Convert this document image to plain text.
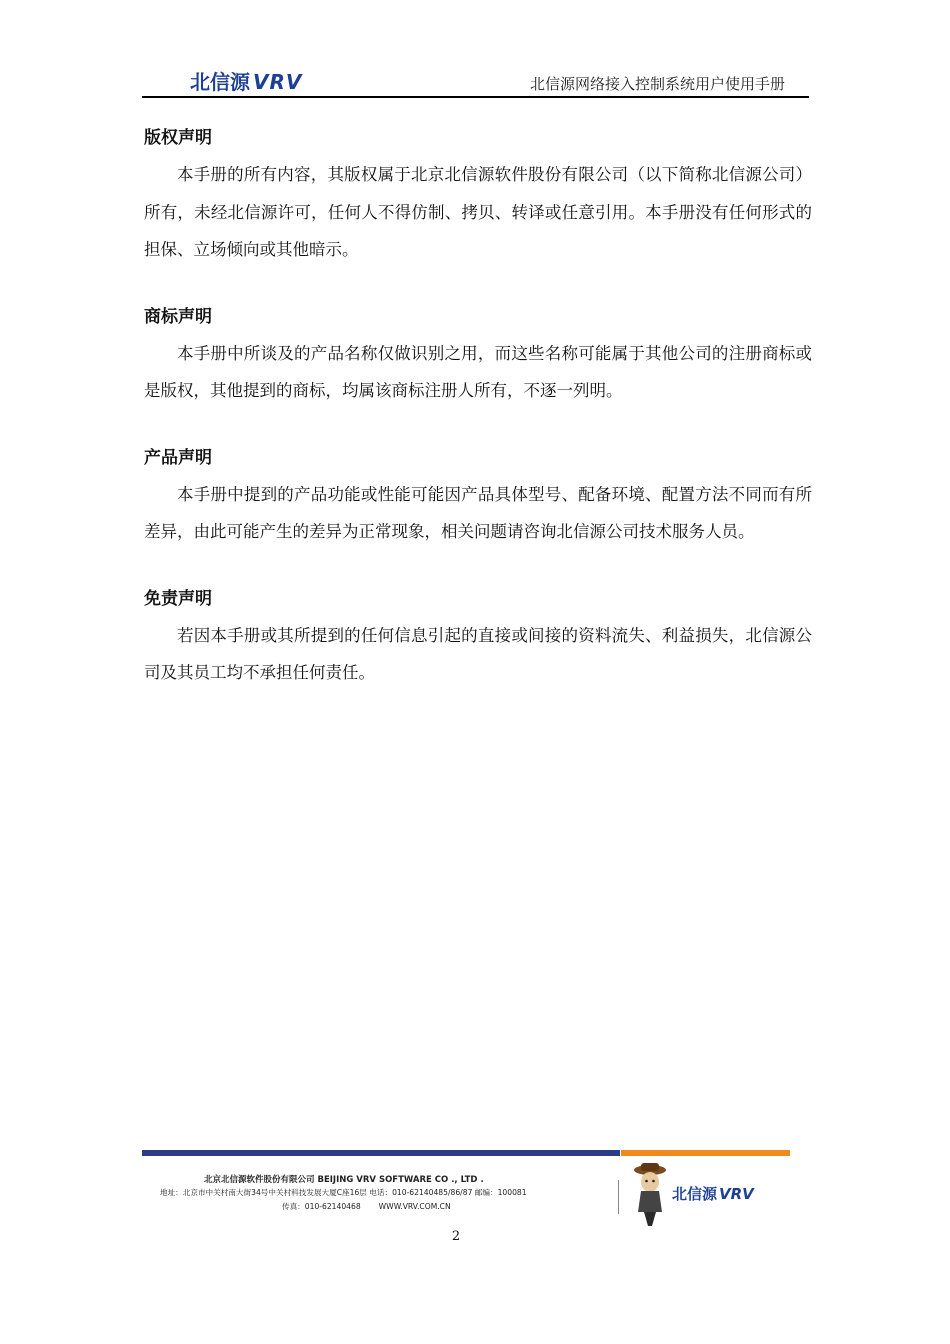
北信源 VRV	北信源网络接入控制系统用户使用手册
版权声明

本手册的所有内容，其版权属于北京北信源软件股份有限公司（以下简称北信源公司）所有，未经北信源许可，任何人不得仿制、拷贝、转译或任意引用。本手册没有任何形式的担保、立场倾向或其他暗示。

商标声明

本手册中所谈及的产品名称仅做识别之用，而这些名称可能属于其他公司的注册商标或是版权，其他提到的商标，均属该商标注册人所有，不逐一列明。

产品声明

本手册中提到的产品功能或性能可能因产品具体型号、配备环境、配置方法不同而有所差异，由此可能产生的差异为正常现象，相关问题请咨询北信源公司技术服务人员。

免责声明

若因本手册或其所提到的任何信息引起的直接或间接的资料流失、利益损失，北信源公司及其员工均不承担任何责任。

北京北信源软件股份有限公司 BEIJING VRV SOFTWARE CO ., LTD .
地址：北京市中关村南大街34号中关村科技发展大厦C座16层 电话：010-62140485/86/87 邮编：100081
传真：010-62140468 WWW.VRV.COM.CN
北信源 VRV
2
